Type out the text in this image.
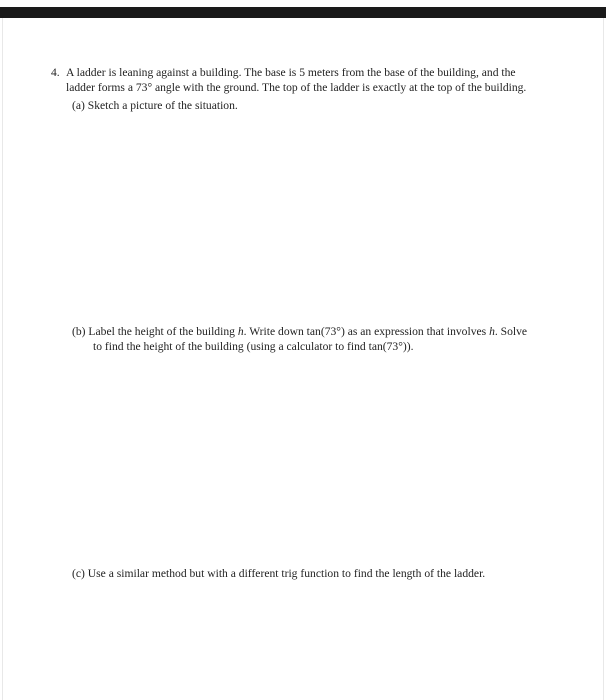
4. A ladder is leaning against a building. The base is 5 meters from the base of the building, and the
ladder forms a 73° angle with the ground. The top of the ladder is exactly at the top of the building.
(a) Sketch a picture of the situation.
(b) Label the height of the building h. Write down tan(73°) as an expression that involves h. Solve
to find the height of the building (using a calculator to find tan(73°)).
(c) Use a similar method but with a different trig function to find the length of the ladder.
